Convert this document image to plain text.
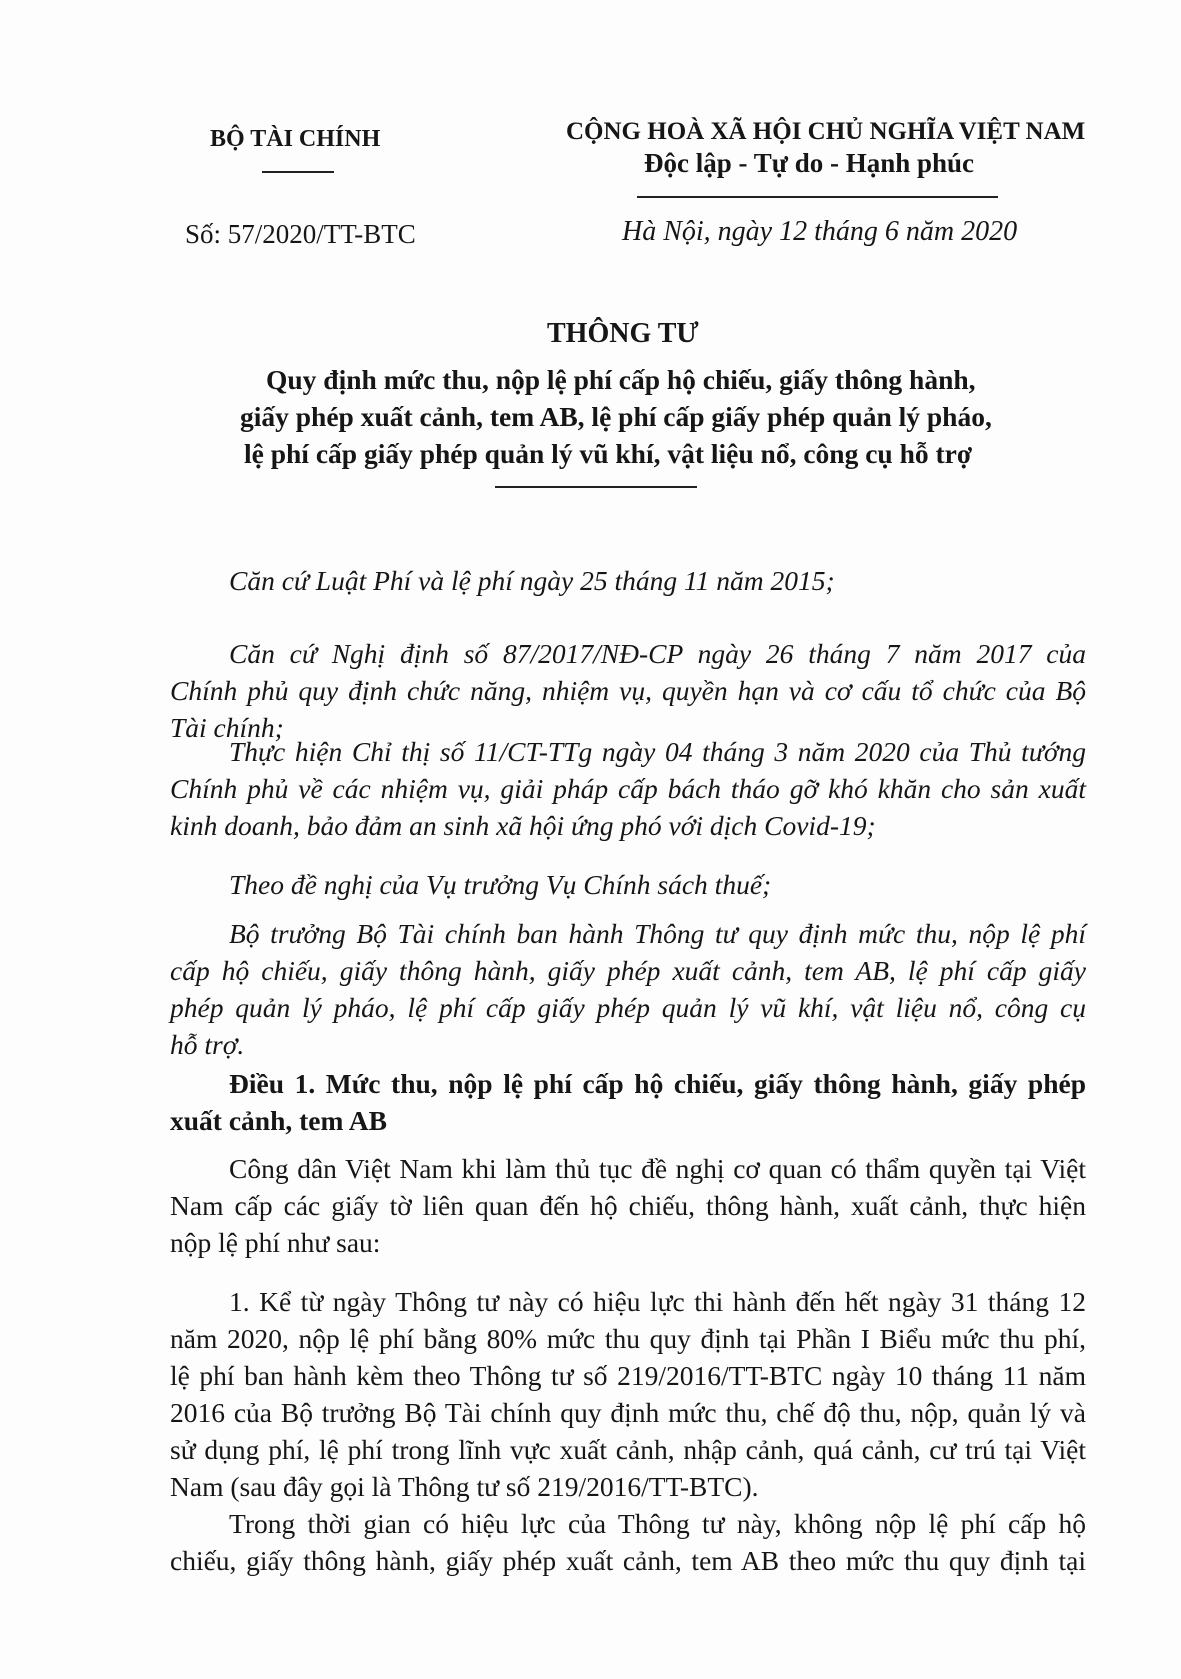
BỘ TÀI CHÍNH
Số: 57/2020/TT-BTC
CỘNG HOÀ XÃ HỘI CHỦ NGHĨA VIỆT NAM
Độc lập - Tự do - Hạnh phúc
Hà Nội, ngày 12 tháng 6 năm 2020
THÔNG TƯ
Quy định mức thu, nộp lệ phí cấp hộ chiếu, giấy thông hành,
giấy phép xuất cảnh, tem AB, lệ phí cấp giấy phép quản lý pháo,
lệ phí cấp giấy phép quản lý vũ khí, vật liệu nổ, công cụ hỗ trợ
Căn cứ Luật Phí và lệ phí ngày 25 tháng 11 năm 2015;
Căn cứ Nghị định số 87/2017/NĐ-CP ngày 26 tháng 7 năm 2017 của
Chính phủ quy định chức năng, nhiệm vụ, quyền hạn và cơ cấu tổ chức của Bộ
Tài chính;
Thực hiện Chỉ thị số 11/CT-TTg ngày 04 tháng 3 năm 2020 của Thủ tướng
Chính phủ về các nhiệm vụ, giải pháp cấp bách tháo gỡ khó khăn cho sản xuất
kinh doanh, bảo đảm an sinh xã hội ứng phó với dịch Covid-19;
Theo đề nghị của Vụ trưởng Vụ Chính sách thuế;
Bộ trưởng Bộ Tài chính ban hành Thông tư quy định mức thu, nộp lệ phí
cấp hộ chiếu, giấy thông hành, giấy phép xuất cảnh, tem AB, lệ phí cấp giấy
phép quản lý pháo, lệ phí cấp giấy phép quản lý vũ khí, vật liệu nổ, công cụ
hỗ trợ.
Điều 1. Mức thu, nộp lệ phí cấp hộ chiếu, giấy thông hành, giấy phép
xuất cảnh, tem AB
Công dân Việt Nam khi làm thủ tục đề nghị cơ quan có thẩm quyền tại Việt
Nam cấp các giấy tờ liên quan đến hộ chiếu, thông hành, xuất cảnh, thực hiện
nộp lệ phí như sau:
1. Kể từ ngày Thông tư này có hiệu lực thi hành đến hết ngày 31 tháng 12
năm 2020, nộp lệ phí bằng 80% mức thu quy định tại Phần I Biểu mức thu phí,
lệ phí ban hành kèm theo Thông tư số 219/2016/TT-BTC ngày 10 tháng 11 năm
2016 của Bộ trưởng Bộ Tài chính quy định mức thu, chế độ thu, nộp, quản lý và
sử dụng phí, lệ phí trong lĩnh vực xuất cảnh, nhập cảnh, quá cảnh, cư trú tại Việt
Nam (sau đây gọi là Thông tư số 219/2016/TT-BTC).
Trong thời gian có hiệu lực của Thông tư này, không nộp lệ phí cấp hộ
chiếu, giấy thông hành, giấy phép xuất cảnh, tem AB theo mức thu quy định tại
